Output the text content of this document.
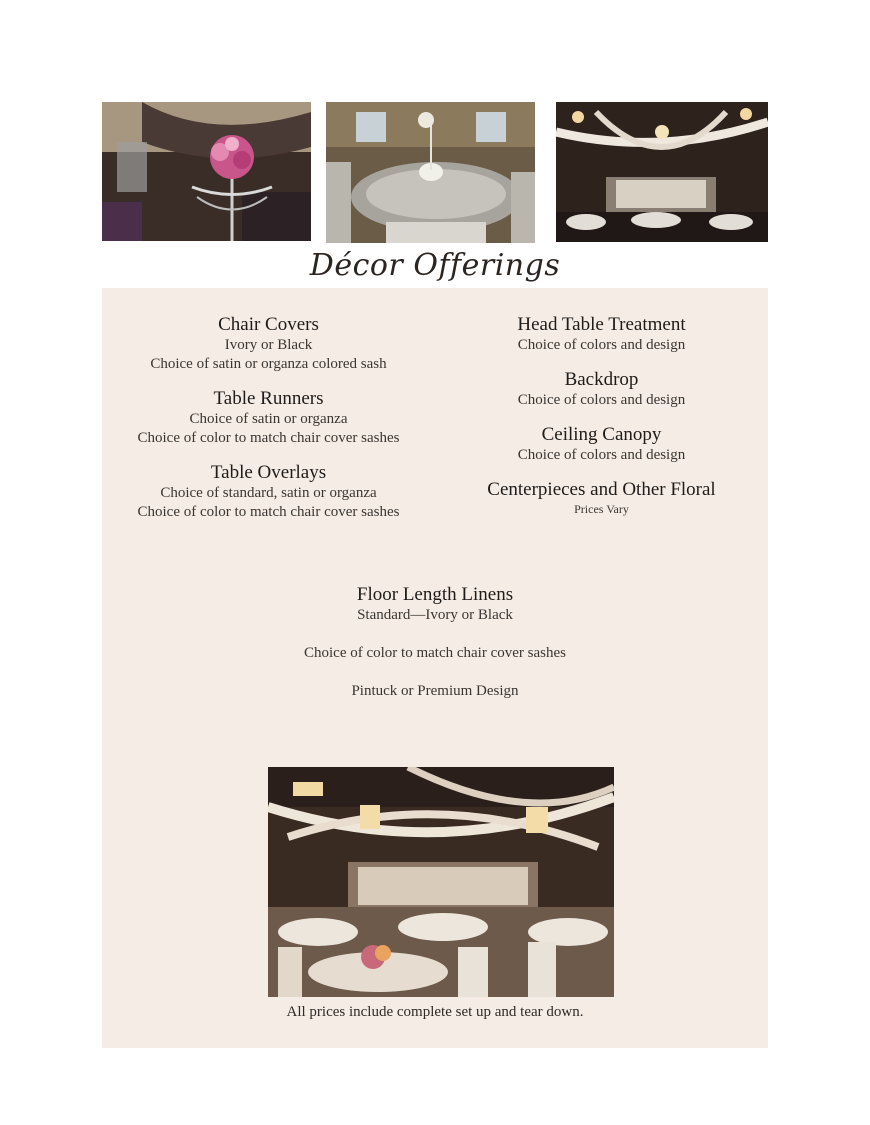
Décor Offerings
Chair Covers
Ivory or Black
Choice of satin or organza colored sash
Table Runners
Choice of satin or organza
Choice of color to match chair cover sashes
Table Overlays
Choice of standard, satin or organza
Choice of color to match chair cover sashes
Head Table Treatment
Choice of colors and design
Backdrop
Choice of colors and design
Ceiling Canopy
Choice of colors and design
Centerpieces and Other Floral
Prices Vary
Floor Length Linens
Standard—Ivory or Black
Choice of color to match chair cover sashes
Pintuck or Premium Design
All prices include complete set up and tear down.
